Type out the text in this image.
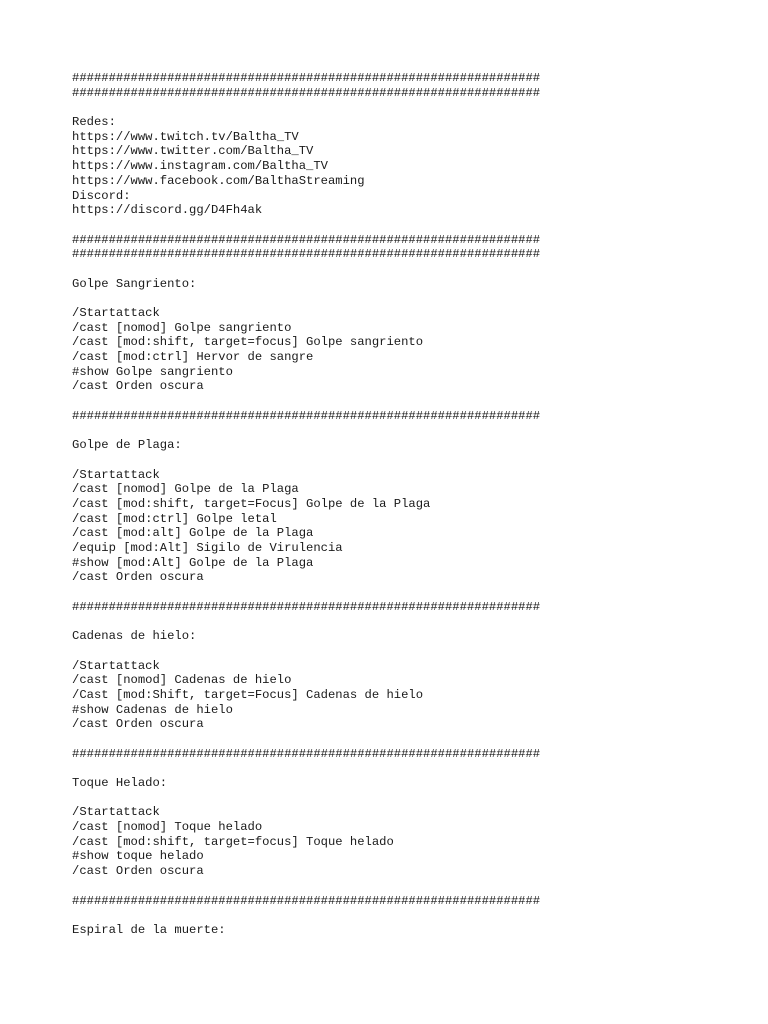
################################################################
################################################################
Redes:
https://www.twitch.tv/Baltha_TV
https://www.twitter.com/Baltha_TV
https://www.instagram.com/Baltha_TV
https://www.facebook.com/BalthaStreaming
Discord:
https://discord.gg/D4Fh4ak
################################################################
################################################################
Golpe Sangriento:
/Startattack
/cast [nomod] Golpe sangriento
/cast [mod:shift, target=focus] Golpe sangriento
/cast [mod:ctrl] Hervor de sangre
#show Golpe sangriento
/cast Orden oscura
################################################################
Golpe de Plaga:
/Startattack
/cast [nomod] Golpe de la Plaga
/cast [mod:shift, target=Focus] Golpe de la Plaga
/cast [mod:ctrl] Golpe letal
/cast [mod:alt] Golpe de la Plaga
/equip [mod:Alt] Sigilo de Virulencia
#show [mod:Alt] Golpe de la Plaga
/cast Orden oscura
################################################################
Cadenas de hielo:
/Startattack
/cast [nomod] Cadenas de hielo
/Cast [mod:Shift, target=Focus] Cadenas de hielo
#show Cadenas de hielo
/cast Orden oscura
################################################################
Toque Helado:
/Startattack
/cast [nomod] Toque helado
/cast [mod:shift, target=focus] Toque helado
#show toque helado
/cast Orden oscura
################################################################
Espiral de la muerte:
